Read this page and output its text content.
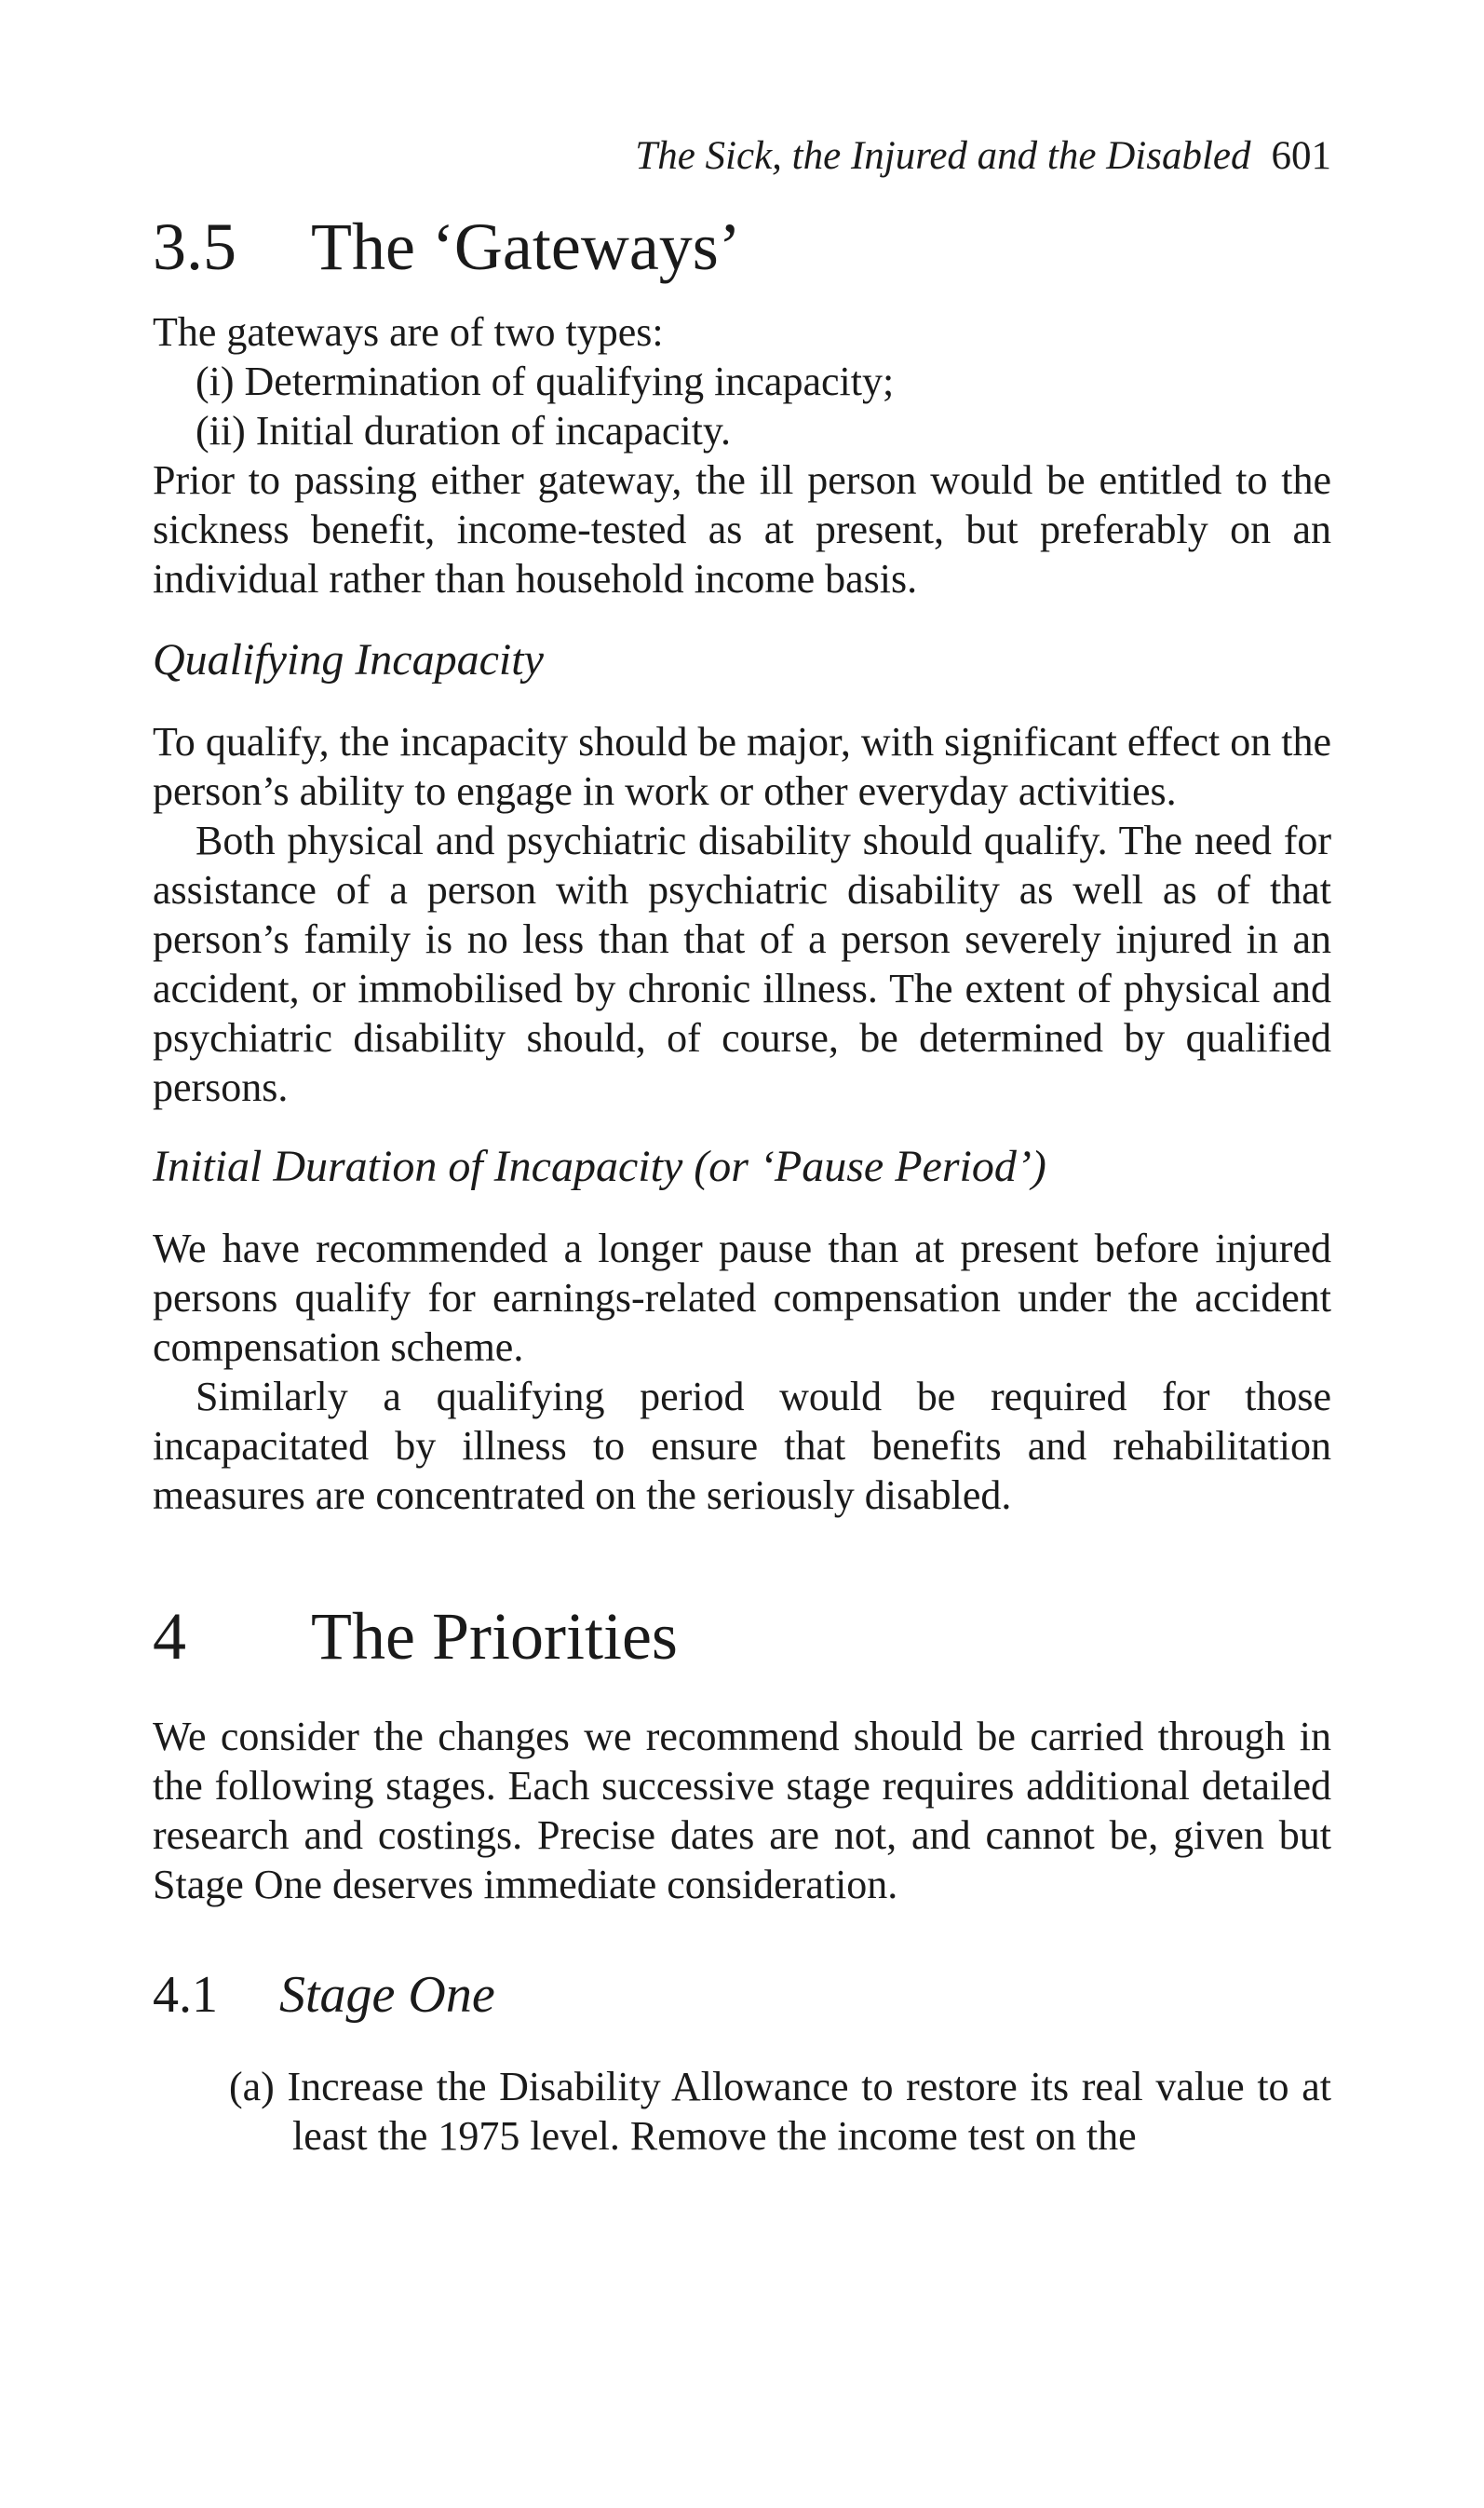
The Sick, the Injured and the Disabled 601
3.5 The ‘Gateways’

The gateways are of two types:

(i) Determination of qualifying incapacity;
(ii) Initial duration of incapacity.

Prior to passing either gateway, the ill person would be entitled to the sickness benefit, income-tested as at present, but preferably on an individual rather than household income basis.

Qualifying Incapacity

To qualify, the incapacity should be major, with significant effect on the person’s ability to engage in work or other everyday activities.

Both physical and psychiatric disability should qualify. The need for assistance of a person with psychiatric disability as well as of that person’s family is no less than that of a person severely injured in an accident, or immobilised by chronic illness. The extent of physical and psychiatric disability should, of course, be determined by qualified persons.

Initial Duration of Incapacity (or ‘Pause Period’)

We have recommended a longer pause than at present before injured persons qualify for earnings-related compensation under the accident compensation scheme.

Similarly a qualifying period would be required for those incapacitated by illness to ensure that benefits and rehabilitation measures are concentrated on the seriously disabled.

4 The Priorities

We consider the changes we recommend should be carried through in the following stages. Each successive stage requires additional detailed research and costings. Precise dates are not, and cannot be, given but Stage One deserves immediate consideration.

4.1 Stage One
(a) Increase the Disability Allowance to restore its real value to at least the 1975 level. Remove the income test on the
